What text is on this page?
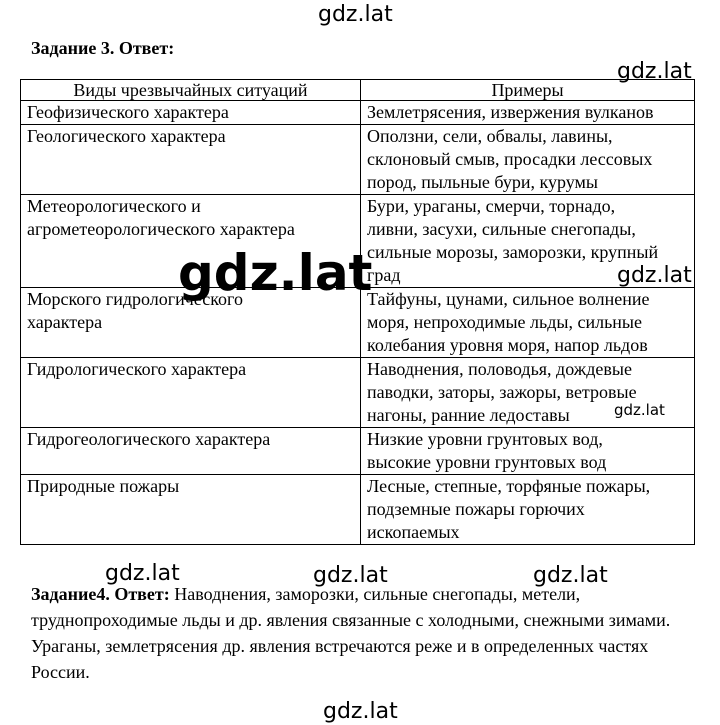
gdz.lat
Задание 3. Ответ:
gdz.lat
Виды чрезвычайных ситуаций	Примеры
Геофизического характера	Землетрясения, извержения вулканов
Геологического характера	Оползни, сели, обвалы, лавины,
склоновый смыв, просадки лессовых
пород, пыльные бури, курумы
Метеорологического и
агрометеорологического характера	Бури, ураганы, смерчи, торнадо,
ливни, засухи, сильные снегопады,
сильные морозы, заморозки, крупный
град
Морского гидрологического
характера	Тайфуны, цунами, сильное волнение
моря, непроходимые льды, сильные
колебания уровня моря, напор льдов
Гидрологического характера	Наводнения, половодья, дождевые
паводки, заторы, зажоры, ветровые
нагоны, ранние ледоставы
Гидрогеологического характера	Низкие уровни грунтовых вод,
высокие уровни грунтовых вод
Природные пожары	Лесные, степные, торфяные пожары,
подземные пожары горючих
ископаемых
gdz.lat	gdz.lat
gdz.lat
gdz.lat	gdz.lat	gdz.lat

Задание4. Ответ: Наводнения, заморозки, сильные снегопады, метели, труднопроходимые льды и др. явления связанные с холодными, снежными зимами. Ураганы, землетрясения др. явления встречаются реже и в определенных частях России.

gdz.lat
